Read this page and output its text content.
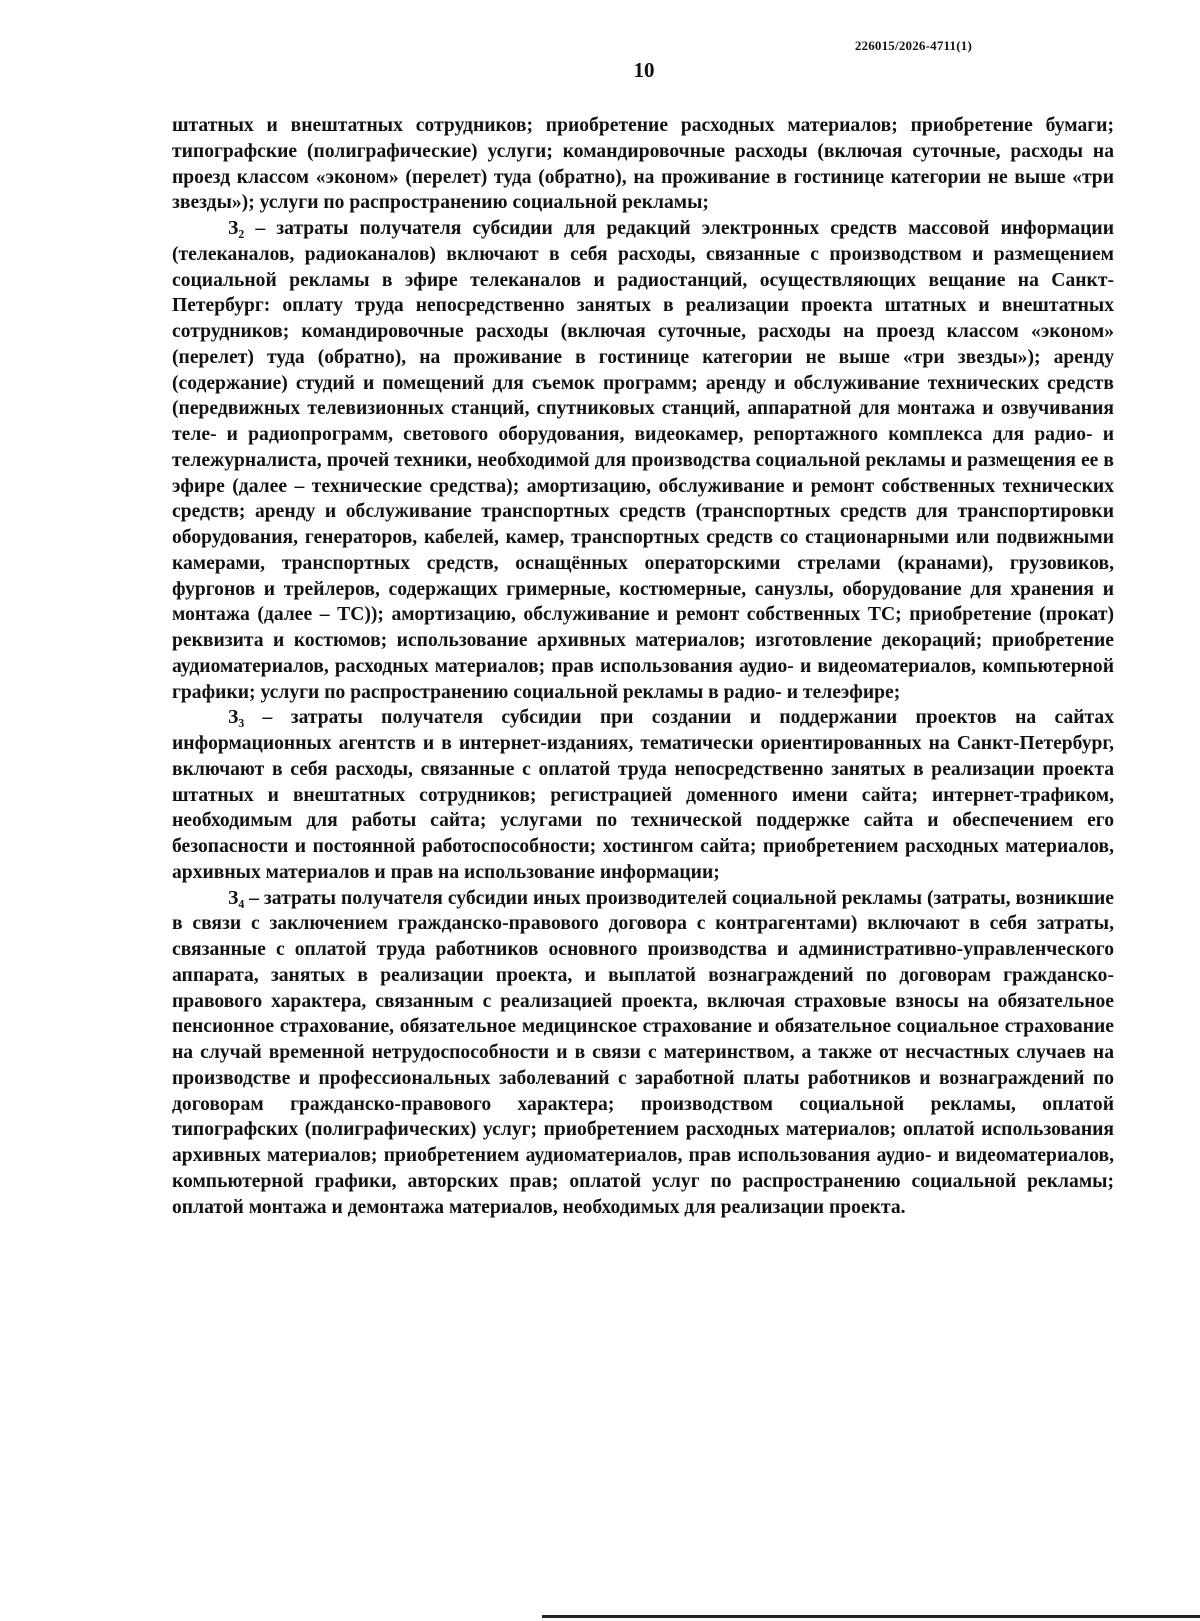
226015/2026-4711(1)
10

штатных и внештатных сотрудников; приобретение расходных материалов; приобретение бумаги; типографские (полиграфические) услуги; командировочные расходы (включая суточные, расходы на проезд классом «эконом» (перелет) туда (обратно), на проживание в гостинице категории не выше «три звезды»); услуги по распространению социальной рекламы;

З₂ – затраты получателя субсидии для редакций электронных средств массовой информации (телеканалов, радиоканалов) включают в себя расходы, связанные с производством и размещением социальной рекламы в эфире телеканалов и радиостанций, осуществляющих вещание на Санкт-Петербург: оплату труда непосредственно занятых в реализации проекта штатных и внештатных сотрудников; командировочные расходы (включая суточные, расходы на проезд классом «эконом» (перелет) туда (обратно), на проживание в гостинице категории не выше «три звезды»); аренду (содержание) студий и помещений для съемок программ; аренду и обслуживание технических средств (передвижных телевизионных станций, спутниковых станций, аппаратной для монтажа и озвучивания теле- и радиопрограмм, светового оборудования, видеокамер, репортажного комплекса для радио- и тележурналиста, прочей техники, необходимой для производства социальной рекламы и размещения ее в эфире (далее – технические средства); амортизацию, обслуживание и ремонт собственных технических средств; аренду и обслуживание транспортных средств (транспортных средств для транспортировки оборудования, генераторов, кабелей, камер, транспортных средств со стационарными или подвижными камерами, транспортных средств, оснащённых операторскими стрелами (кранами), грузовиков, фургонов и трейлеров, содержащих гримерные, костюмерные, санузлы, оборудование для хранения и монтажа (далее – ТС)); амортизацию, обслуживание и ремонт собственных ТС; приобретение (прокат) реквизита и костюмов; использование архивных материалов; изготовление декораций; приобретение аудиоматериалов, расходных материалов; прав использования аудио- и видеоматериалов, компьютерной графики; услуги по распространению социальной рекламы в радио- и телеэфире;

З₃ – затраты получателя субсидии при создании и поддержании проектов на сайтах информационных агентств и в интернет-изданиях, тематически ориентированных на Санкт-Петербург, включают в себя расходы, связанные с оплатой труда непосредственно занятых в реализации проекта штатных и внештатных сотрудников; регистрацией доменного имени сайта; интернет-трафиком, необходимым для работы сайта; услугами по технической поддержке сайта и обеспечением его безопасности и постоянной работоспособности; хостингом сайта; приобретением расходных материалов, архивных материалов и прав на использование информации;

З₄ – затраты получателя субсидии иных производителей социальной рекламы (затраты, возникшие в связи с заключением гражданско-правового договора с контрагентами) включают в себя затраты, связанные с оплатой труда работников основного производства и административно-управленческого аппарата, занятых в реализации проекта, и выплатой вознаграждений по договорам гражданско-правового характера, связанным с реализацией проекта, включая страховые взносы на обязательное пенсионное страхование, обязательное медицинское страхование и обязательное социальное страхование на случай временной нетрудоспособности и в связи с материнством, а также от несчастных случаев на производстве и профессиональных заболеваний с заработной платы работников и вознаграждений по договорам гражданско-правового характера; производством социальной рекламы, оплатой типографских (полиграфических) услуг; приобретением расходных материалов; оплатой использования архивных материалов; приобретением аудиоматериалов, прав использования аудио- и видеоматериалов, компьютерной графики, авторских прав; оплатой услуг по распространению социальной рекламы; оплатой монтажа и демонтажа материалов, необходимых для реализации проекта.
